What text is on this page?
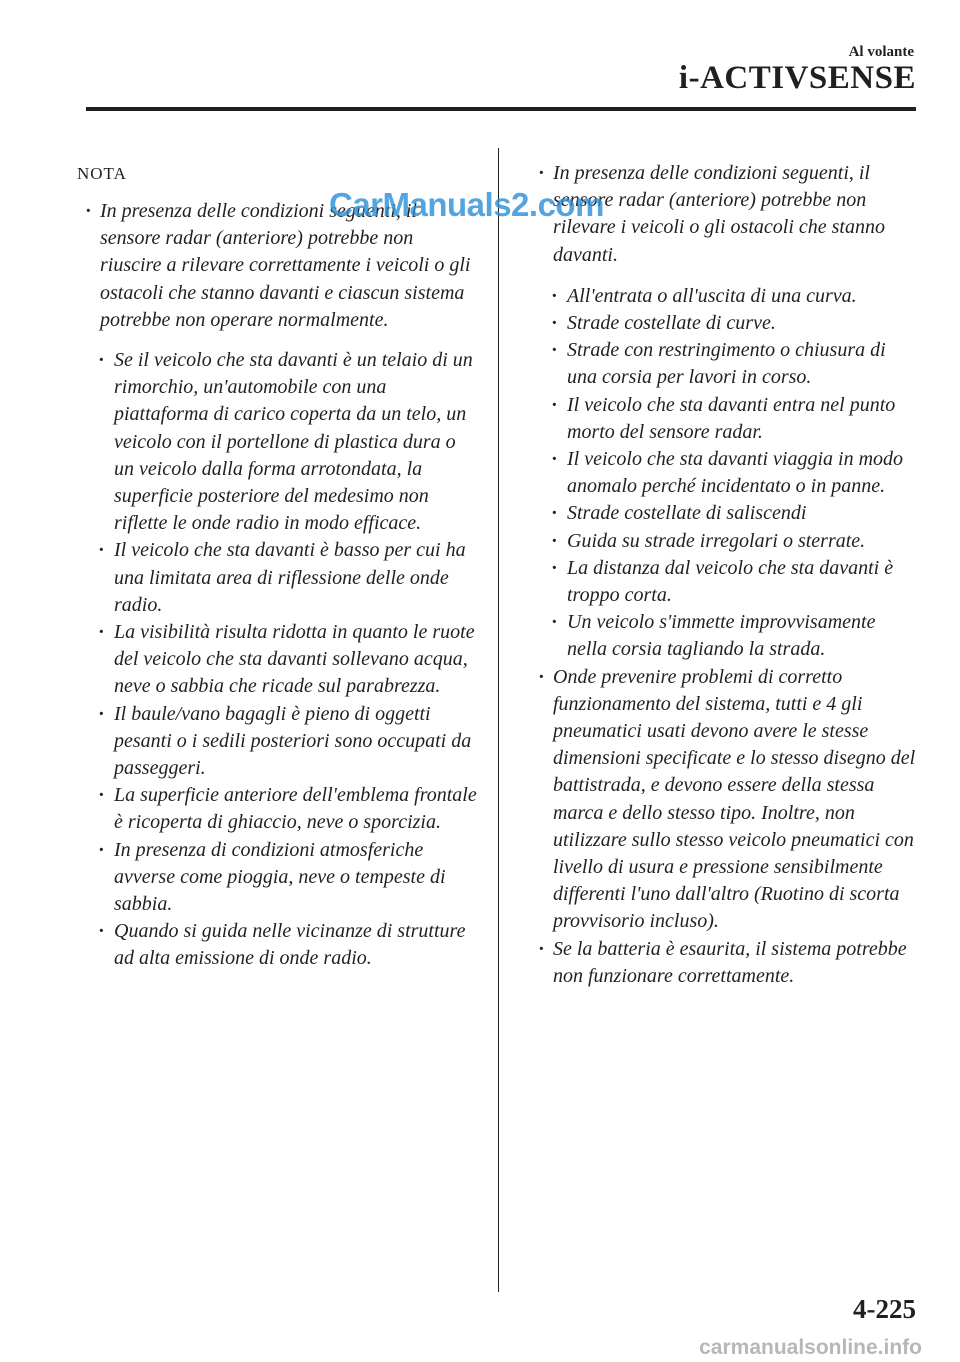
Al volante
i-ACTIVSENSE
NOTA

· In presenza delle condizioni seguenti, il sensore radar (anteriore) potrebbe non riuscire a rilevare correttamente i veicoli o gli ostacoli che stanno davanti e ciascun sistema potrebbe non operare normalmente.

· Se il veicolo che sta davanti è un telaio di un rimorchio, un'automobile con una piattaforma di carico coperta da un telo, un veicolo con il portellone di plastica dura o un veicolo dalla forma arrotondata, la superficie posteriore del medesimo non riflette le onde radio in modo efficace.

· Il veicolo che sta davanti è basso per cui ha una limitata area di riflessione delle onde radio.

· La visibilità risulta ridotta in quanto le ruote del veicolo che sta davanti sollevano acqua, neve o sabbia che ricade sul parabrezza.

· Il baule/vano bagagli è pieno di oggetti pesanti o i sedili posteriori sono occupati da passeggeri.

· La superficie anteriore dell'emblema frontale è ricoperta di ghiaccio, neve o sporcizia.

· In presenza di condizioni atmosferiche avverse come pioggia, neve o tempeste di sabbia.

· Quando si guida nelle vicinanze di strutture ad alta emissione di onde radio.

· In presenza delle condizioni seguenti, il sensore radar (anteriore) potrebbe non rilevare i veicoli o gli ostacoli che stanno davanti.

· All'entrata o all'uscita di una curva.

· Strade costellate di curve.

· Strade con restringimento o chiusura di una corsia per lavori in corso.

· Il veicolo che sta davanti entra nel punto morto del sensore radar.

· Il veicolo che sta davanti viaggia in modo anomalo perché incidentato o in panne.

· Strade costellate di saliscendi

· Guida su strade irregolari o sterrate.

· La distanza dal veicolo che sta davanti è troppo corta.

· Un veicolo s'immette improvvisamente nella corsia tagliando la strada.

· Onde prevenire problemi di corretto funzionamento del sistema, tutti e 4 gli pneumatici usati devono avere le stesse dimensioni specificate e lo stesso disegno del battistrada, e devono essere della stessa marca e dello stesso tipo. Inoltre, non utilizzare sullo stesso veicolo pneumatici con livello di usura e pressione sensibilmente differenti l'uno dall'altro (Ruotino di scorta provvisorio incluso).

· Se la batteria è esaurita, il sistema potrebbe non funzionare correttamente.

4-225
CarManuals2.com
carmanualsonline.info
